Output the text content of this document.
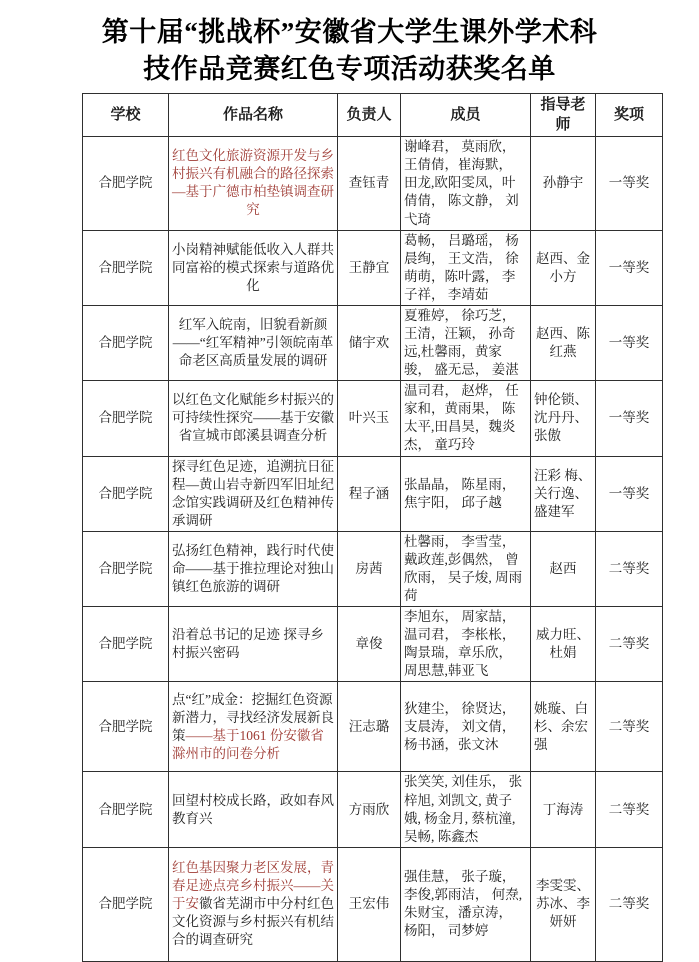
第十届“挑战杯”安徽省大学生课外学术科
技作品竞赛红色专项活动获奖名单
学校	作品名称	负责人	成员	指导老师	奖项
合肥学院	红色文化旅游资源开发与乡村振兴有机融合的路径探索—基于广德市柏垫镇调查研究	查钰青	谢峰君， 莫雨欣， 王倩倩，崔海默， 田龙,欧阳雯凤，叶倩倩， 陈文静， 刘弋琦	孙静宇	一等奖
合肥学院	小岗精神赋能低收入人群共同富裕的模式探索与道路优化	王静宜	葛畅， 吕璐瑶， 杨晨绚， 王文浩， 徐萌萌，陈叶露， 李子祥， 李靖茹	赵西、金小方	一等奖
合肥学院	红军入皖南，旧貌看新颜——“红军精神”引领皖南革命老区高质量发展的调研	储宇欢	夏雅婷， 徐巧芝， 王清，汪颖， 孙奇远,杜馨雨，黄家骏， 盛无忌， 姜湛	赵西、陈红燕	一等奖
合肥学院	以红色文化赋能乡村振兴的可持续性探究——基于安徽省宣城市郎溪县调查分析	叶兴玉	温司君， 赵烨， 任家和，黄雨果， 陈太平,田昌昊，魏炎杰， 童巧玲	钟伦锁、沈丹丹、张傲	一等奖
合肥学院	探寻红色足迹，追溯抗日征程—黄山岩寺新四军旧址纪念馆实践调研及红色精神传承调研	程子涵	张晶晶， 陈星雨， 焦宇阳， 邱子越	汪彩 梅、关行逸、盛建军	一等奖
合肥学院	弘扬红色精神，践行时代使命——基于推拉理论对独山镇红色旅游的调研	房茜	杜馨雨， 李雪莹， 戴政莲,彭偶然， 曾欣雨， 吴子焌, 周雨荷	赵西	二等奖
合肥学院	沿着总书记的足迹 探寻乡村振兴密码	章俊	李旭东， 周家喆， 温司君， 李枨枨， 陶景瑞，章乐欣， 周思慧,韩亚飞	威力旺、杜娟	二等奖
合肥学院	点“红”成金：挖掘红色资源新潜力，寻找经济发展新良策——基于1061 份安徽省滁州市的问卷分析	汪志璐	狄建尘， 徐贤达， 支晨涛， 刘文倩， 杨书涵，张文沐	姚璇、白杉、余宏强	二等奖
合肥学院	回望村校成长路，政如春风教育兴	方雨欣	张笑笑, 刘佳乐， 张梓旭, 刘凯文, 黄子娥, 杨金月, 蔡杭潼,吴畅, 陈鑫杰	丁海涛	二等奖
合肥学院	红色基因聚力老区发展，青春足迹点亮乡村振兴——关于安徽省芜湖市中分村红色文化资源与乡村振兴有机结合的调查研究	王宏伟	强佳慧， 张子璇， 李俊,郭雨洁， 何焘,朱财宝，潘京涛， 杨阳， 司梦婷	李雯雯、苏冰、李妍妍	二等奖
